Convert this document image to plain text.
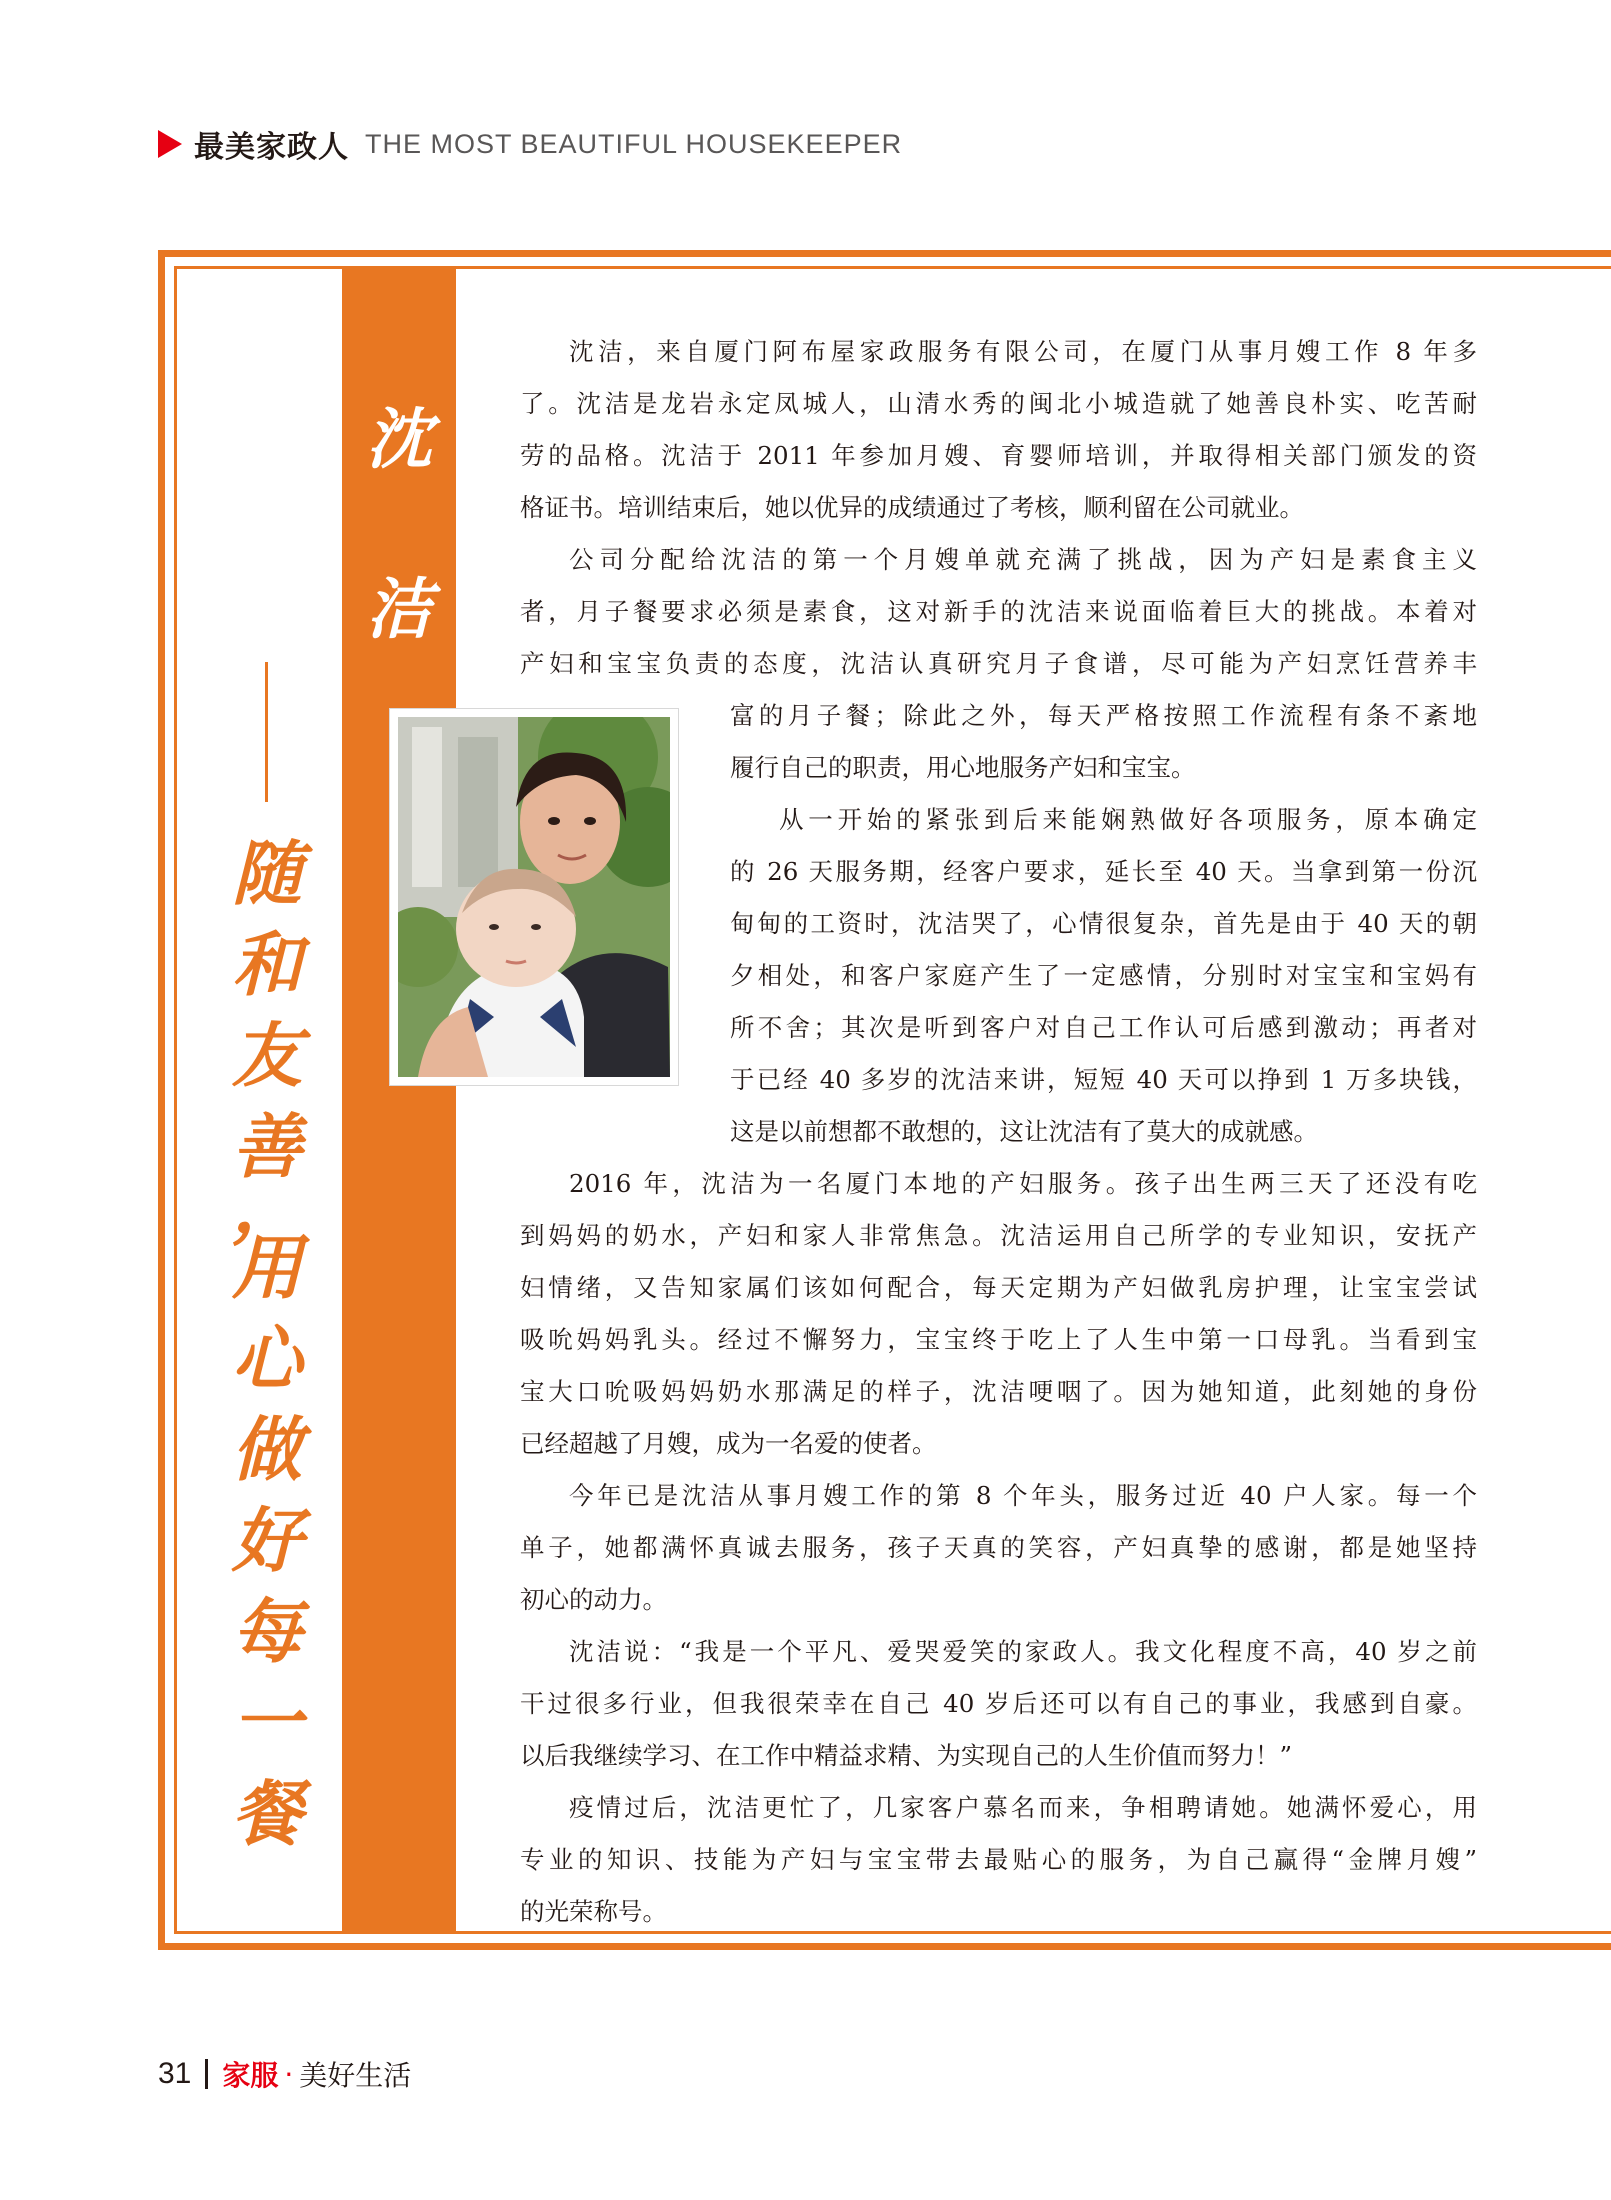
最美家政人 THE MOST BEAUTIFUL HOUSEKEEPER
沈
洁
随
和
友
善
，
用
心
做
好
每
一
餐
沈洁，来自厦门阿布屋家政服务有限公司，在厦门从事月嫂工作 8 年多
了。沈洁是龙岩永定凤城人，山清水秀的闽北小城造就了她善良朴实、吃苦耐
劳的品格。沈洁于 2011 年参加月嫂、育婴师培训，并取得相关部门颁发的资
格证书。培训结束后，她以优异的成绩通过了考核，顺利留在公司就业。
公司分配给沈洁的第一个月嫂单就充满了挑战，因为产妇是素食主义
者，月子餐要求必须是素食，这对新手的沈洁来说面临着巨大的挑战。本着对
产妇和宝宝负责的态度，沈洁认真研究月子食谱，尽可能为产妇烹饪营养丰
富的月子餐；除此之外，每天严格按照工作流程有条不紊地
履行自己的职责，用心地服务产妇和宝宝。
从一开始的紧张到后来能娴熟做好各项服务，原本确定
的 26 天服务期，经客户要求，延长至 40 天。当拿到第一份沉
甸甸的工资时，沈洁哭了，心情很复杂，首先是由于 40 天的朝
夕相处，和客户家庭产生了一定感情，分别时对宝宝和宝妈有
所不舍；其次是听到客户对自己工作认可后感到激动；再者对
于已经 40 多岁的沈洁来讲，短短 40 天可以挣到 1 万多块钱，
这是以前想都不敢想的，这让沈洁有了莫大的成就感。
2016 年，沈洁为一名厦门本地的产妇服务。孩子出生两三天了还没有吃
到妈妈的奶水，产妇和家人非常焦急。沈洁运用自己所学的专业知识，安抚产
妇情绪，又告知家属们该如何配合，每天定期为产妇做乳房护理，让宝宝尝试
吸吮妈妈乳头。经过不懈努力，宝宝终于吃上了人生中第一口母乳。当看到宝
宝大口吮吸妈妈奶水那满足的样子，沈洁哽咽了。因为她知道，此刻她的身份
已经超越了月嫂，成为一名爱的使者。
今年已是沈洁从事月嫂工作的第 8 个年头，服务过近 40 户人家。每一个
单子，她都满怀真诚去服务，孩子天真的笑容，产妇真挚的感谢，都是她坚持
初心的动力。
沈洁说：“我是一个平凡、爱哭爱笑的家政人。我文化程度不高，40 岁之前
干过很多行业，但我很荣幸在自己 40 岁后还可以有自己的事业，我感到自豪。
以后我继续学习、在工作中精益求精、为实现自己的人生价值而努力！”
疫情过后，沈洁更忙了，几家客户慕名而来，争相聘请她。她满怀爱心，用
专业的知识、技能为产妇与宝宝带去最贴心的服务，为自己赢得“金牌月嫂”
的光荣称号。
31 家服 · 美好生活
